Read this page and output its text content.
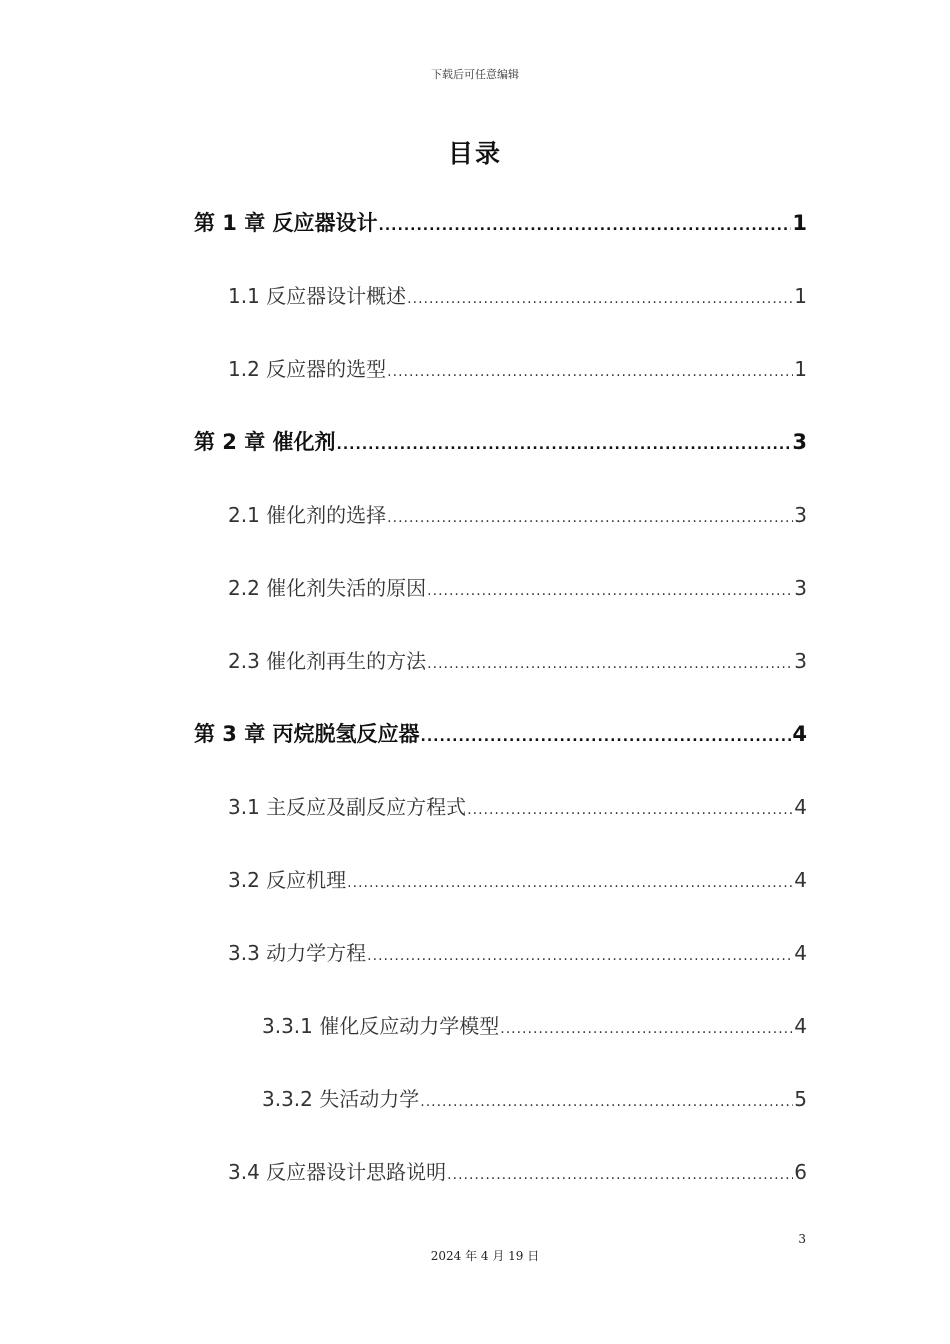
下载后可任意编辑
目录
第 1 章 反应器设计 .....	1
1.1 反应器设计概述 .....	1
1.2 反应器的选型 .....	1
第 2 章 催化剂 .....	3
2.1 催化剂的选择 .....	3
2.2 催化剂失活的原因 .....	3
2.3 催化剂再生的方法 .....	3
第 3 章 丙烷脱氢反应器 .....	4
3.1 主反应及副反应方程式 .....	4
3.2 反应机理 .....	4
3.3 动力学方程 .....	4
3.3.1 催化反应动力学模型 .....	4
3.3.2 失活动力学 .....	5
3.4 反应器设计思路说明 .....	6
3
2024 年 4 月 19 日
